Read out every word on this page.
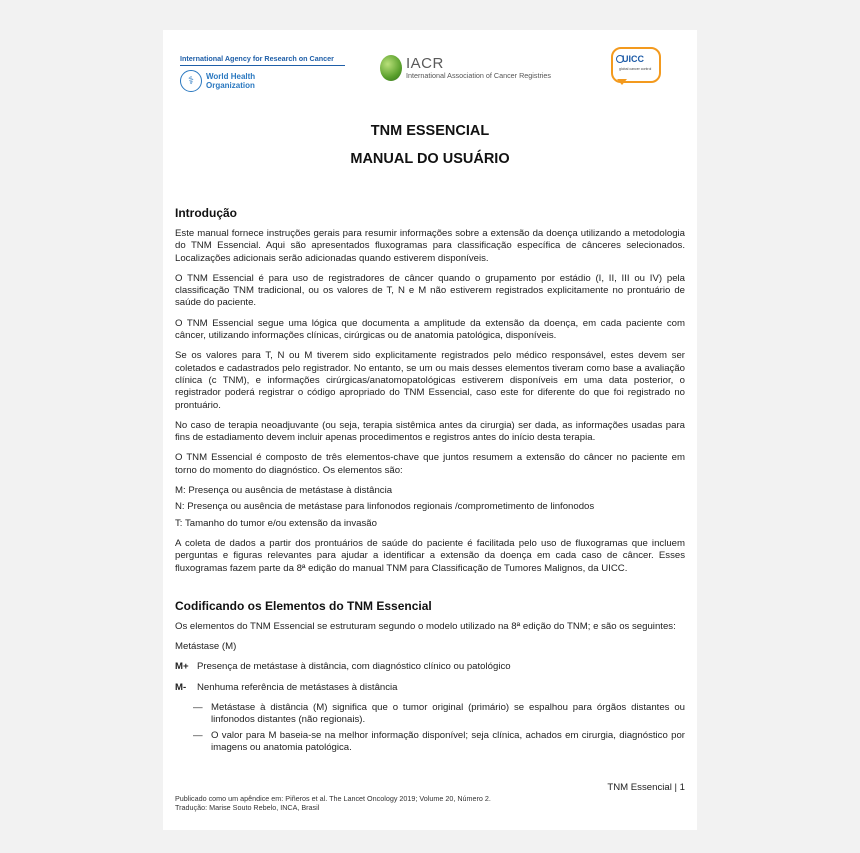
International Agency for Research on Cancer
⚕	World Health
Organization
IACR
International Association of Cancer Registries
UICC
global cancer control
TNM ESSENCIAL
MANUAL DO USUÁRIO
Introdução

Este manual fornece instruções gerais para resumir informações sobre a extensão da doença utilizando a metodologia do TNM Essencial. Aqui são apresentados fluxogramas para classificação específica de cânceres selecionados. Localizações adicionais serão adicionadas quando estiverem disponíveis.

O TNM Essencial é para uso de registradores de câncer quando o grupamento por estádio (I, II, III ou IV) pela classificação TNM tradicional, ou os valores de T, N e M não estiverem registrados explicitamente no prontuário de saúde do paciente.

O TNM Essencial segue uma lógica que documenta a amplitude da extensão da doença, em cada paciente com câncer, utilizando informações clínicas, cirúrgicas ou de anatomia patológica, disponíveis.

Se os valores para T, N ou M tiverem sido explicitamente registrados pelo médico responsável, estes devem ser coletados e cadastrados pelo registrador. No entanto, se um ou mais desses elementos tiveram como base a avaliação clínica (c TNM), e informações cirúrgicas/anatomopatológicas estiverem disponíveis em uma data posterior, o registrador poderá registrar o código apropriado do TNM Essencial, caso este for diferente do que foi registrado no prontuário.

No caso de terapia neoadjuvante (ou seja, terapia sistêmica antes da cirurgia) ser dada, as informações usadas para fins de estadiamento devem incluir apenas procedimentos e registros antes do início desta terapia.

O TNM Essencial é composto de três elementos-chave que juntos resumem a extensão do câncer no paciente em torno do momento do diagnóstico. Os elementos são:

M: Presença ou ausência de metástase à distância

N: Presença ou ausência de metástase para linfonodos regionais /comprometimento de linfonodos

T: Tamanho do tumor e/ou extensão da invasão

A coleta de dados a partir dos prontuários de saúde do paciente é facilitada pelo uso de fluxogramas que incluem perguntas e figuras relevantes para ajudar a identificar a extensão da doença em cada caso de câncer. Esses fluxogramas fazem parte da 8ª edição do manual TNM para Classificação de Tumores Malignos, da UICC.

Codificando os Elementos do TNM Essencial

Os elementos do TNM Essencial se estruturam segundo o modelo utilizado na 8ª edição do TNM; e são os seguintes:

Metástase (M)

M+ Presença de metástase à distância, com diagnóstico clínico ou patológico
M-	Nenhuma referência de metástases à distância
— Metástase à distância (M) significa que o tumor original (primário) se espalhou para órgãos distantes ou linfonodos distantes (não regionais).
— O valor para M baseia-se na melhor informação disponível; seja clínica, achados em cirurgia, diagnóstico por imagens ou anatomia patológica.
TNM Essencial | 1
Publicado como um apêndice em: Piñeros et al. The Lancet Oncology 2019; Volume 20, Número 2.
Tradução: Marise Souto Rebelo, INCA, Brasil
